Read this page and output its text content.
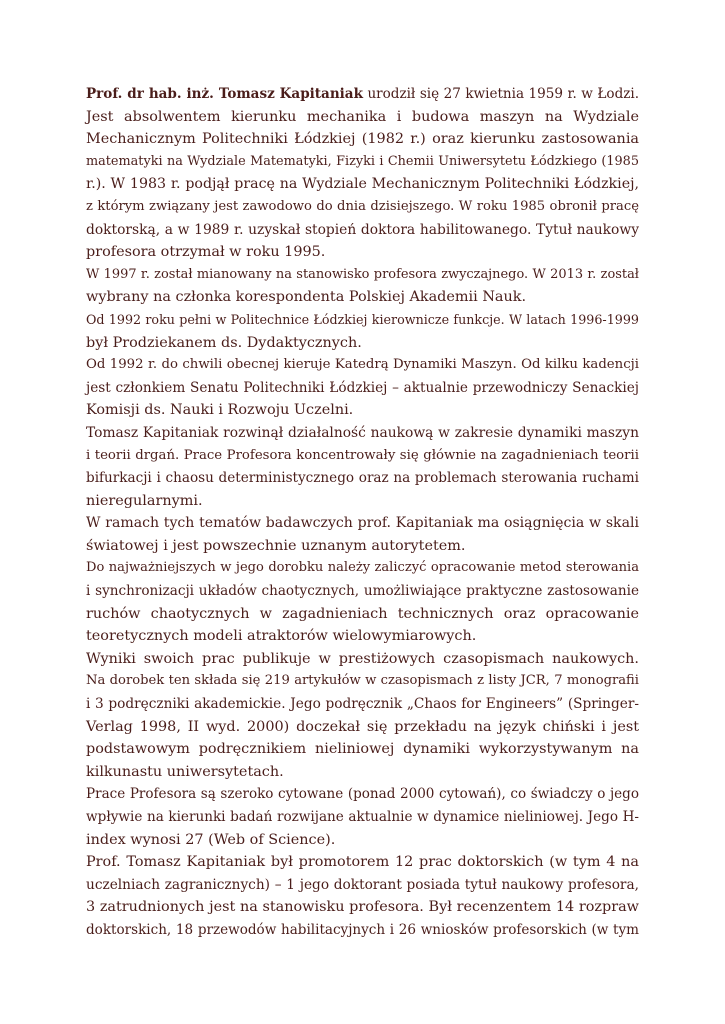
Prof. dr hab. inż. Tomasz Kapitaniak urodził się 27 kwietnia 1959 r. w Łodzi.
Jest absolwentem kierunku mechanika i budowa maszyn na Wydziale
Mechanicznym Politechniki Łódzkiej (1982 r.) oraz kierunku zastosowania
matematyki na Wydziale Matematyki, Fizyki i Chemii Uniwersytetu Łódzkiego (1985
r.). W 1983 r. podjął pracę na Wydziale Mechanicznym Politechniki Łódzkiej,
z którym związany jest zawodowo do dnia dzisiejszego. W roku 1985 obronił pracę
doktorską, a w 1989 r. uzyskał stopień doktora habilitowanego. Tytuł naukowy
profesora otrzymał w roku 1995.
W 1997 r. został mianowany na stanowisko profesora zwyczajnego. W 2013 r. został
wybrany na członka korespondenta Polskiej Akademii Nauk.
Od 1992 roku pełni w Politechnice Łódzkiej kierownicze funkcje. W latach 1996-1999
był Prodziekanem ds. Dydaktycznych.
Od 1992 r. do chwili obecnej kieruje Katedrą Dynamiki Maszyn. Od kilku kadencji
jest członkiem Senatu Politechniki Łódzkiej – aktualnie przewodniczy Senackiej
Komisji ds. Nauki i Rozwoju Uczelni.
Tomasz Kapitaniak rozwinął działalność naukową w zakresie dynamiki maszyn
i teorii drgań. Prace Profesora koncentrowały się głównie na zagadnieniach teorii
bifurkacji i chaosu deterministycznego oraz na problemach sterowania ruchami
nieregularnymi.
W ramach tych tematów badawczych prof. Kapitaniak ma osiągnięcia w skali
światowej i jest powszechnie uznanym autorytetem.
Do najważniejszych w jego dorobku należy zaliczyć opracowanie metod sterowania
i synchronizacji układów chaotycznych, umożliwiające praktyczne zastosowanie
ruchów chaotycznych w zagadnieniach technicznych oraz opracowanie
teoretycznych modeli atraktorów wielowymiarowych.
Wyniki swoich prac publikuje w prestiżowych czasopismach naukowych.
Na dorobek ten składa się 219 artykułów w czasopismach z listy JCR, 7 monografii
i 3 podręczniki akademickie. Jego podręcznik „Chaos for Engineers” (Springer-
Verlag 1998, II wyd. 2000) doczekał się przekładu na język chiński i jest
podstawowym podręcznikiem nieliniowej dynamiki wykorzystywanym na
kilkunastu uniwersytetach.
Prace Profesora są szeroko cytowane (ponad 2000 cytowań), co świadczy o jego
wpływie na kierunki badań rozwijane aktualnie w dynamice nieliniowej. Jego H-
index wynosi 27 (Web of Science).
Prof. Tomasz Kapitaniak był promotorem 12 prac doktorskich (w tym 4 na
uczelniach zagranicznych) – 1 jego doktorant posiada tytuł naukowy profesora,
3 zatrudnionych jest na stanowisku profesora. Był recenzentem 14 rozpraw
doktorskich, 18 przewodów habilitacyjnych i 26 wniosków profesorskich (w tym
